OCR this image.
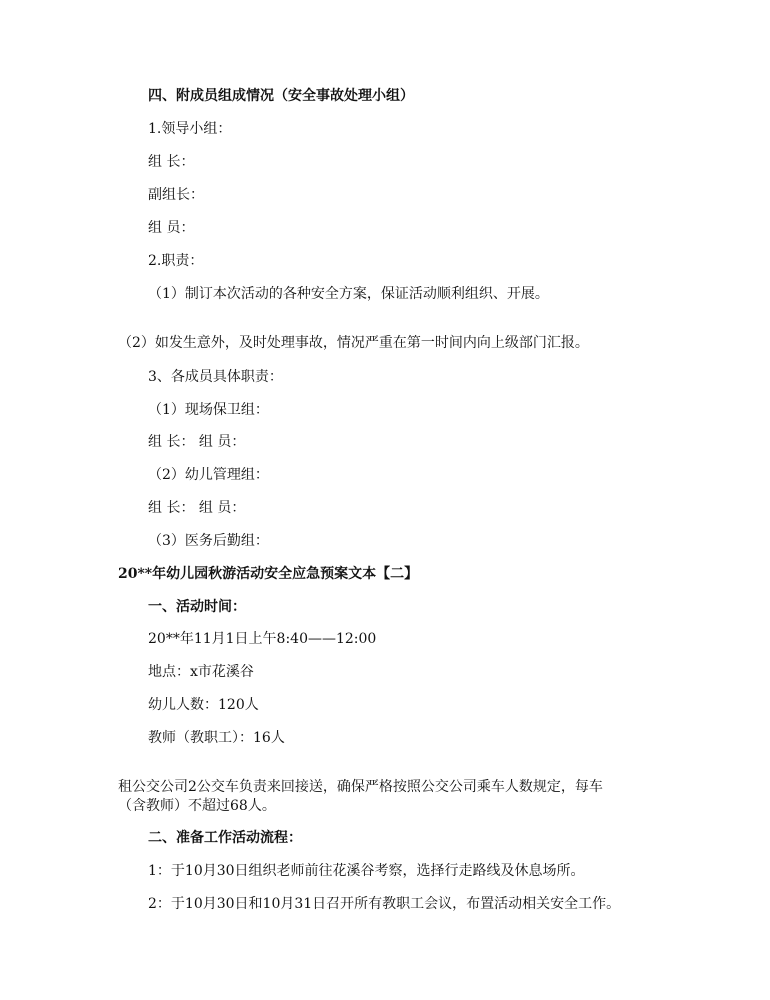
四、附成员组成情况（安全事故处理小组）
1.领导小组：
组 长：
副组长：
组 员：
2.职责：
（1）制订本次活动的各种安全方案，保证活动顺利组织、开展。
（2）如发生意外，及时处理事故，情况严重在第一时间内向上级部门汇报。
3、各成员具体职责：
（1）现场保卫组：
组 长： 组 员：
（2）幼儿管理组：
组 长： 组 员：
（3）医务后勤组：
20**年幼儿园秋游活动安全应急预案文本【二】
一、活动时间：
20**年11月1日上午8:40——12:00
地点：x市花溪谷
幼儿人数：120人
教师（教职工）：16人
租公交公司2公交车负责来回接送，确保严格按照公交公司乘车人数规定，每车
（含教师）不超过68人。
二、准备工作活动流程：
1：于10月30日组织老师前往花溪谷考察，选择行走路线及休息场所。
2：于10月30日和10月31日召开所有教职工会议，布置活动相关安全工作。
